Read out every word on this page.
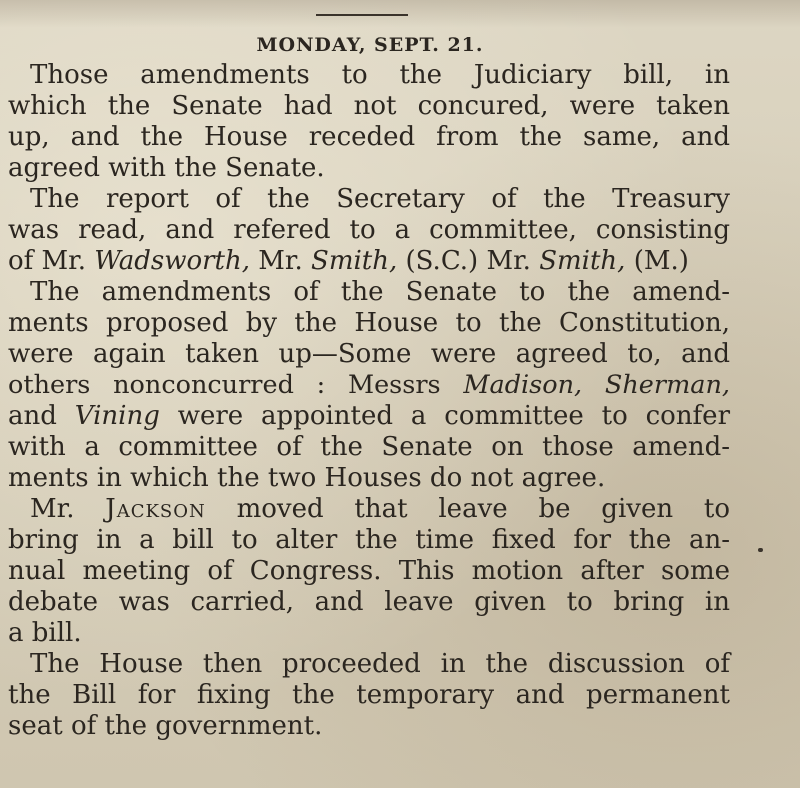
MONDAY, SEPT. 21.

Those amendments to the Judiciary bill, in
which the Senate had not concured, were taken
up, and the House receded from the same, and
agreed with the Senate.

The report of the Secretary of the Treasury
was read, and refered to a committee, consisting
of Mr. Wadsworth, Mr. Smith, (S.C.) Mr. Smith, (M.)

The amendments of the Senate to the amend-
ments proposed by the House to the Constitution,
were again taken up—Some were agreed to, and
others nonconcurred : Messrs Madison, Sherman,
and Vining were appointed a committee to confer
with a committee of the Senate on those amend-
ments in which the two Houses do not agree.

Mr. Jackson moved that leave be given to
bring in a bill to alter the time fixed for the an-
nual meeting of Congress. This motion after some
debate was carried, and leave given to bring in
a bill.

The House then proceeded in the discussion of
the Bill for fixing the temporary and permanent
seat of the government.
